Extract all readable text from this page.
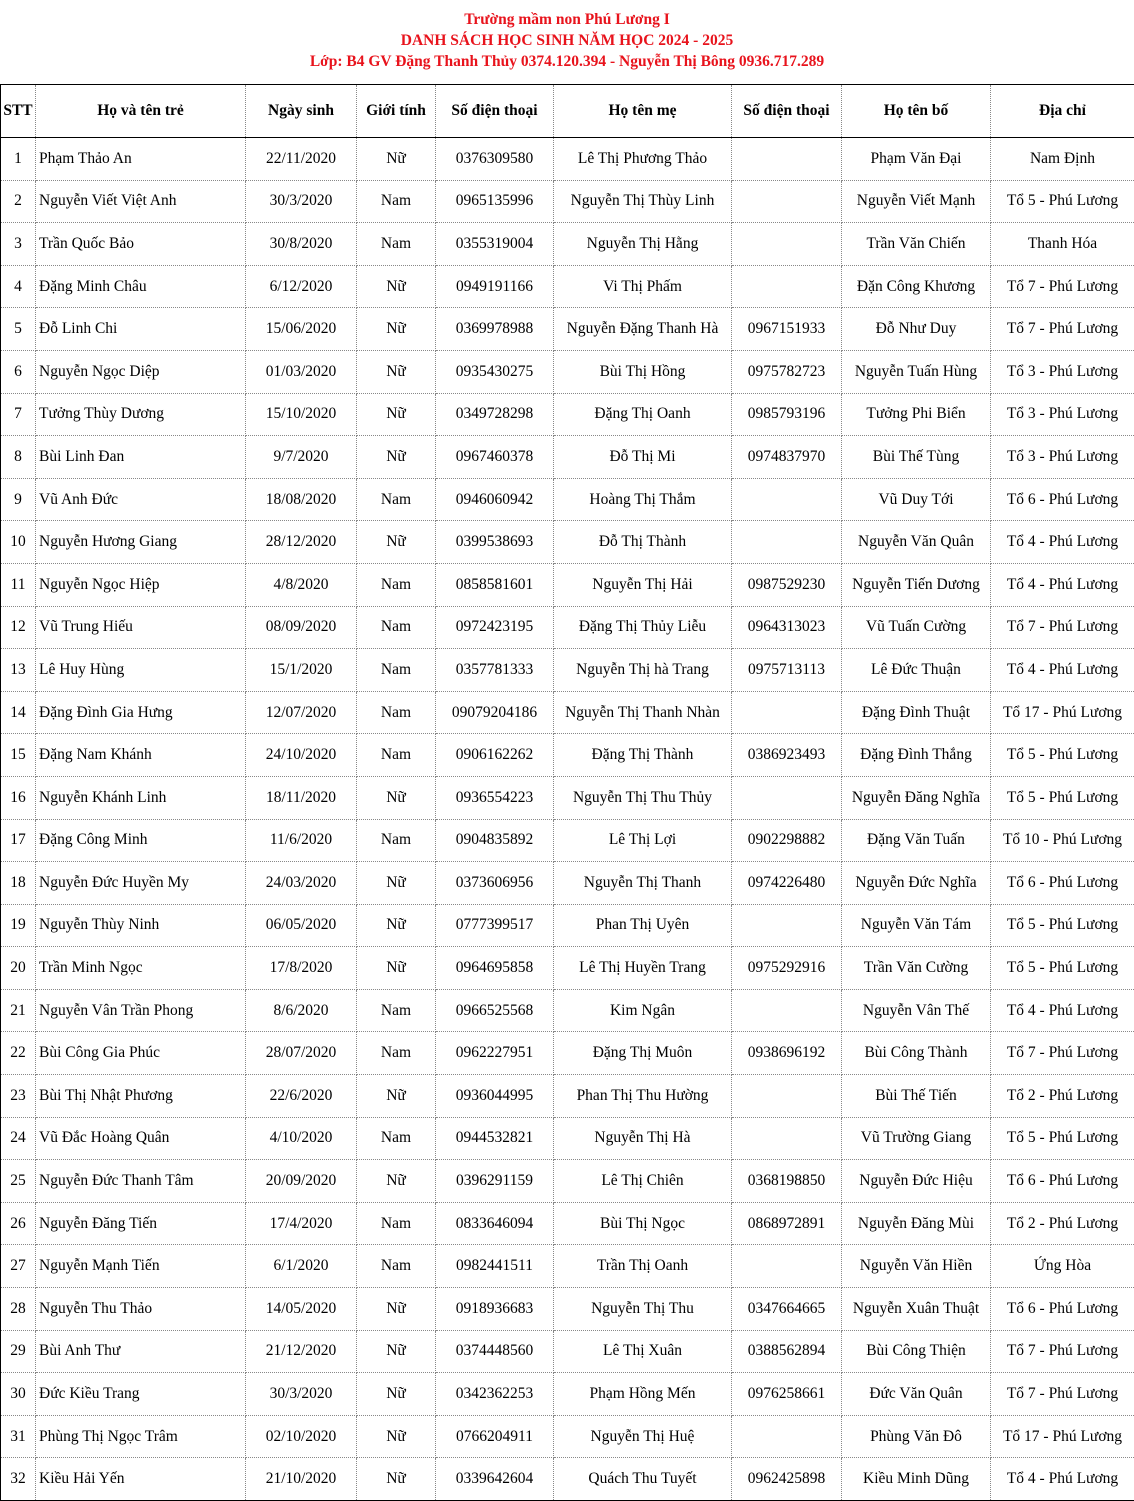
Trường mầm non Phú Lương I
DANH SÁCH HỌC SINH NĂM HỌC 2024 - 2025
Lớp: B4 GV Đặng Thanh Thủy 0374.120.394 - Nguyễn Thị Bông 0936.717.289
STT	Họ và tên trẻ	Ngày sinh	Giới tính	Số điện thoại	Họ tên mẹ	Số điện thoại	Họ tên bố	Địa chỉ
1	Phạm Thảo An	22/11/2020	Nữ	0376309580	Lê Thị Phương Thảo		Phạm Văn Đại	Nam Định
2	Nguyễn Viết Việt Anh	30/3/2020	Nam	0965135996	Nguyễn Thị Thùy Linh		Nguyễn Viết Mạnh	Tổ 5 - Phú Lương
3	Trần Quốc Bảo	30/8/2020	Nam	0355319004	Nguyễn Thị Hằng		Trần Văn Chiến	Thanh Hóa
4	Đặng Minh Châu	6/12/2020	Nữ	0949191166	Vi Thị Phấm		Đặn Công Khương	Tổ 7 - Phú Lương
5	Đỗ Linh Chi	15/06/2020	Nữ	0369978988	Nguyễn Đặng Thanh Hà	0967151933	Đỗ Như Duy	Tổ 7 - Phú Lương
6	Nguyễn Ngọc Diệp	01/03/2020	Nữ	0935430275	Bùi Thị Hồng	0975782723	Nguyễn Tuấn Hùng	Tổ 3 - Phú Lương
7	Tưởng Thùy Dương	15/10/2020	Nữ	0349728298	Đặng Thị Oanh	0985793196	Tưởng Phi Biển	Tổ 3 - Phú Lương
8	Bùi Linh Đan	9/7/2020	Nữ	0967460378	Đỗ Thị Mi	0974837970	Bùi Thế Tùng	Tổ 3 - Phú Lương
9	Vũ Anh Đức	18/08/2020	Nam	0946060942	Hoàng Thị Thắm		Vũ Duy Tới	Tổ 6 - Phú Lương
10	Nguyễn Hương Giang	28/12/2020	Nữ	0399538693	Đỗ Thị Thành		Nguyễn Văn Quân	Tổ 4 - Phú Lương
11	Nguyễn Ngọc Hiệp	4/8/2020	Nam	0858581601	Nguyễn Thị Hải	0987529230	Nguyễn Tiến Dương	Tổ 4 - Phú Lương
12	Vũ Trung Hiếu	08/09/2020	Nam	0972423195	Đặng Thị Thủy Liễu	0964313023	Vũ Tuấn Cường	Tổ 7 - Phú Lương
13	Lê Huy Hùng	15/1/2020	Nam	0357781333	Nguyễn Thị hà Trang	0975713113	Lê Đức Thuận	Tổ 4 - Phú Lương
14	Đặng Đình Gia Hưng	12/07/2020	Nam	09079204186	Nguyễn Thị Thanh Nhàn		Đặng Đình Thuật	Tổ 17 - Phú Lương
15	Đặng Nam Khánh	24/10/2020	Nam	0906162262	Đặng Thị Thành	0386923493	Đặng Đình Thắng	Tổ 5 - Phú Lương
16	Nguyễn Khánh Linh	18/11/2020	Nữ	0936554223	Nguyễn Thị Thu Thủy		Nguyễn Đăng Nghĩa	Tổ 5 - Phú Lương
17	Đặng Công Minh	11/6/2020	Nam	0904835892	Lê Thị Lợi	0902298882	Đặng Văn Tuấn	Tổ 10 - Phú Lương
18	Nguyễn Đức Huyền My	24/03/2020	Nữ	0373606956	Nguyễn Thị Thanh	0974226480	Nguyễn Đức Nghĩa	Tổ 6 - Phú Lương
19	Nguyễn Thùy Ninh	06/05/2020	Nữ	0777399517	Phan Thị Uyên		Nguyễn Văn Tám	Tổ 5 - Phú Lương
20	Trần Minh Ngọc	17/8/2020	Nữ	0964695858	Lê Thị Huyền Trang	0975292916	Trần Văn Cường	Tổ 5 - Phú Lương
21	Nguyễn Vân Trần Phong	8/6/2020	Nam	0966525568	Kim Ngân		Nguyễn Vân Thế	Tổ 4 - Phú Lương
22	Bùi Công Gia Phúc	28/07/2020	Nam	0962227951	Đặng Thị Muôn	0938696192	Bùi Công Thành	Tổ 7 - Phú Lương
23	Bùi Thị Nhật Phương	22/6/2020	Nữ	0936044995	Phan Thị Thu Hường		Bùi Thế Tiến	Tổ 2 - Phú Lương
24	Vũ Đắc Hoàng Quân	4/10/2020	Nam	0944532821	Nguyễn Thị Hà		Vũ Trường Giang	Tổ 5 - Phú Lương
25	Nguyễn Đức Thanh Tâm	20/09/2020	Nữ	0396291159	Lê Thị Chiên	0368198850	Nguyễn Đức Hiệu	Tổ 6 - Phú Lương
26	Nguyễn Đăng Tiến	17/4/2020	Nam	0833646094	Bùi Thị Ngọc	0868972891	Nguyễn Đăng Mùi	Tổ 2 - Phú Lương
27	Nguyễn Mạnh Tiến	6/1/2020	Nam	0982441511	Trần Thị Oanh		Nguyễn Văn Hiền	Ứng Hòa
28	Nguyễn Thu Thảo	14/05/2020	Nữ	0918936683	Nguyễn Thị Thu	0347664665	Nguyễn Xuân Thuật	Tổ 6 - Phú Lương
29	Bùi Anh Thư	21/12/2020	Nữ	0374448560	Lê Thị Xuân	0388562894	Bùi Công Thiện	Tổ 7 - Phú Lương
30	Đức Kiều Trang	30/3/2020	Nữ	0342362253	Phạm Hồng Mến	0976258661	Đức Văn Quân	Tổ 7 - Phú Lương
31	Phùng Thị Ngọc Trâm	02/10/2020	Nữ	0766204911	Nguyễn Thị Huệ		Phùng Văn Đô	Tổ 17 - Phú Lương
32	Kiều Hải Yến	21/10/2020	Nữ	0339642604	Quách Thu Tuyết	0962425898	Kiều Minh Dũng	Tổ 4 - Phú Lương
